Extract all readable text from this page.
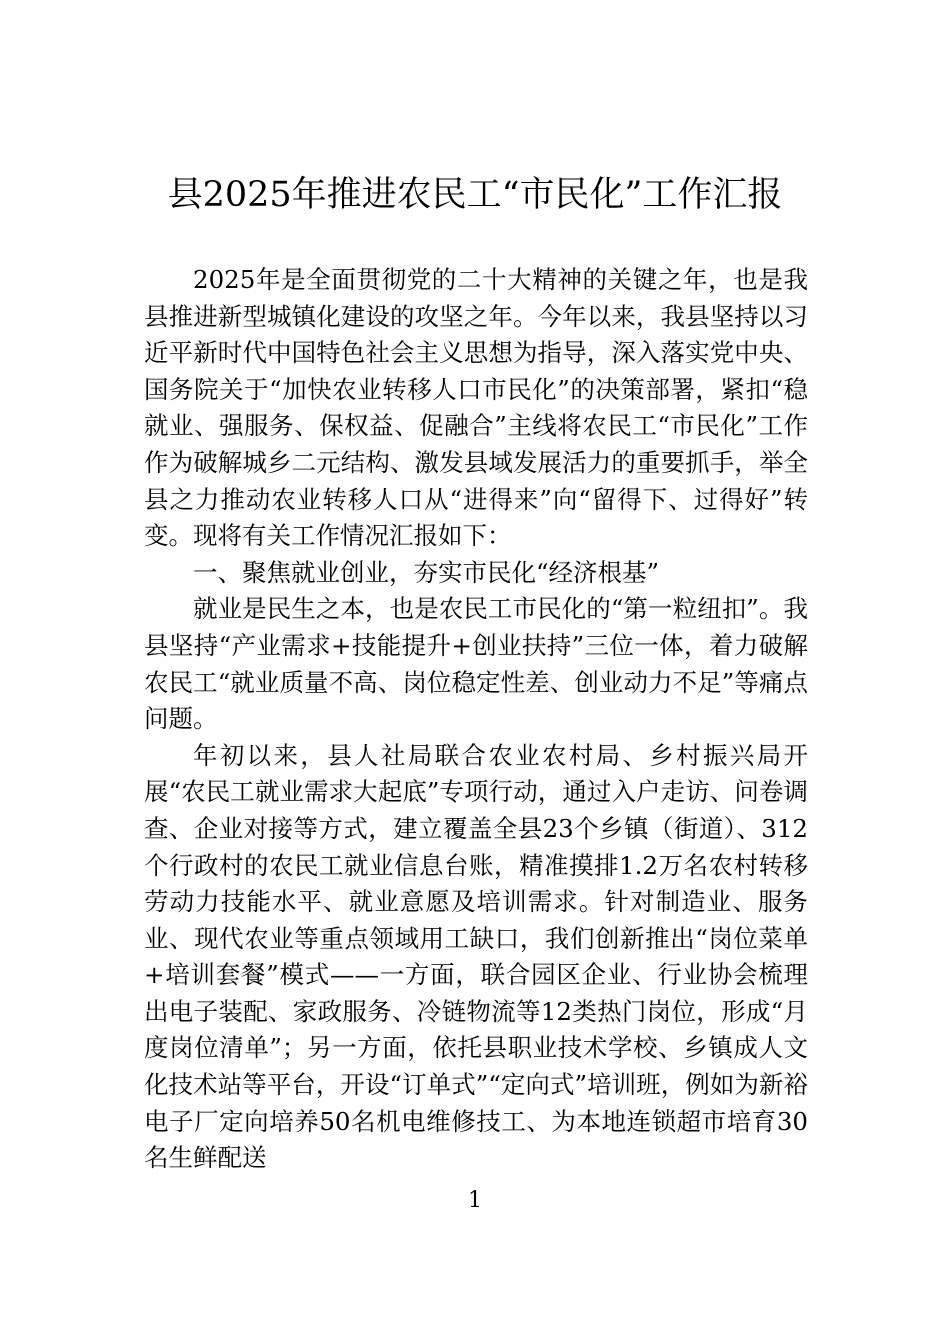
县2025年推进农民工“市民化”工作汇报

2025年是全面贯彻党的二十大精神的关键之年，也是我县推进新型城镇化建设的攻坚之年。今年以来，我县坚持以习近平新时代中国特色社会主义思想为指导，深入落实党中央、国务院关于“加快农业转移人口市民化”的决策部署，紧扣“稳就业、强服务、保权益、促融合”主线将农民工“市民化”工作作为破解城乡二元结构、激发县域发展活力的重要抓手，举全县之力推动农业转移人口从“进得来”向“留得下、过得好”转变。现将有关工作情况汇报如下：

一、聚焦就业创业，夯实市民化“经济根基”

就业是民生之本，也是农民工市民化的“第一粒纽扣”。我县坚持“产业需求+技能提升+创业扶持”三位一体，着力破解农民工“就业质量不高、岗位稳定性差、创业动力不足”等痛点问题。

年初以来，县人社局联合农业农村局、乡村振兴局开展“农民工就业需求大起底”专项行动，通过入户走访、问卷调查、企业对接等方式，建立覆盖全县23个乡镇（街道）、312个行政村的农民工就业信息台账，精准摸排1.2万名农村转移劳动力技能水平、就业意愿及培训需求。针对制造业、服务业、现代农业等重点领域用工缺口，我们创新推出“岗位菜单+培训套餐”模式——一方面，联合园区企业、行业协会梳理出电子装配、家政服务、冷链物流等12类热门岗位，形成“月度岗位清单”；另一方面，依托县职业技术学校、乡镇成人文化技术站等平台，开设“订单式”“定向式”培训班，例如为新裕电子厂定向培养50名机电维修技工、为本地连锁超市培育30名生鲜配送

1
